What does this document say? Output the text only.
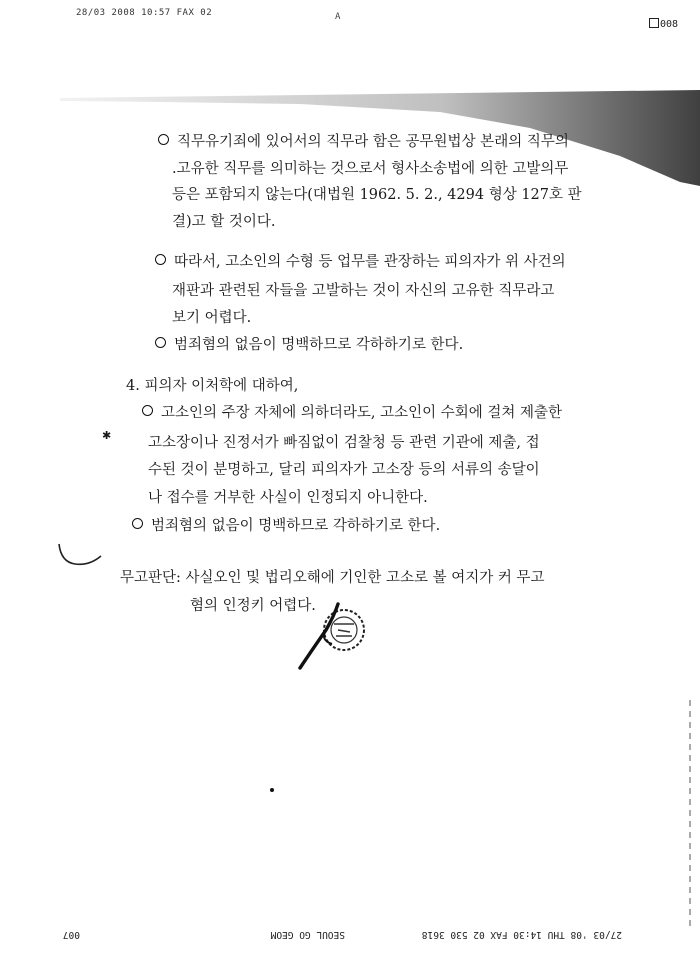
28/03 2008 10:57 FAX 02	A
008
직무유기죄에 있어서의 직무라 함은 공무원법상 본래의 직무의
.고유한 직무를 의미하는 것으로서 형사소송법에 의한 고발의무
등은 포함되지 않는다(대법원 1962. 5. 2., 4294 형상 127호 판
결)고 할 것이다.
따라서, 고소인의 수형 등 업무를 관장하는 피의자가 위 사건의
재판과 관련된 자들을 고발하는 것이 자신의 고유한 직무라고
보기 어렵다.
범죄혐의 없음이 명백하므로 각하하기로 한다.
4. 피의자 이처학에 대하여,
고소인의 주장 자체에 의하더라도, 고소인이 수회에 걸쳐 제출한
고소장이나 진정서가 빠짐없이 검찰청 등 관련 기관에 제출, 접
수된 것이 분명하고, 달리 피의자가 고소장 등의 서류의 송달이
나 접수를 거부한 사실이 인정되지 아니한다.
범죄혐의 없음이 명백하므로 각하하기로 한다.
무고판단: 사실오인 및 법리오해에 기인한 고소로 볼 여지가 커 무고
혐의 인정키 어렵다.
✱
27/03 '08 THU 14:30 FAX 02 530 3618
SEOUL GO GEOM
007
